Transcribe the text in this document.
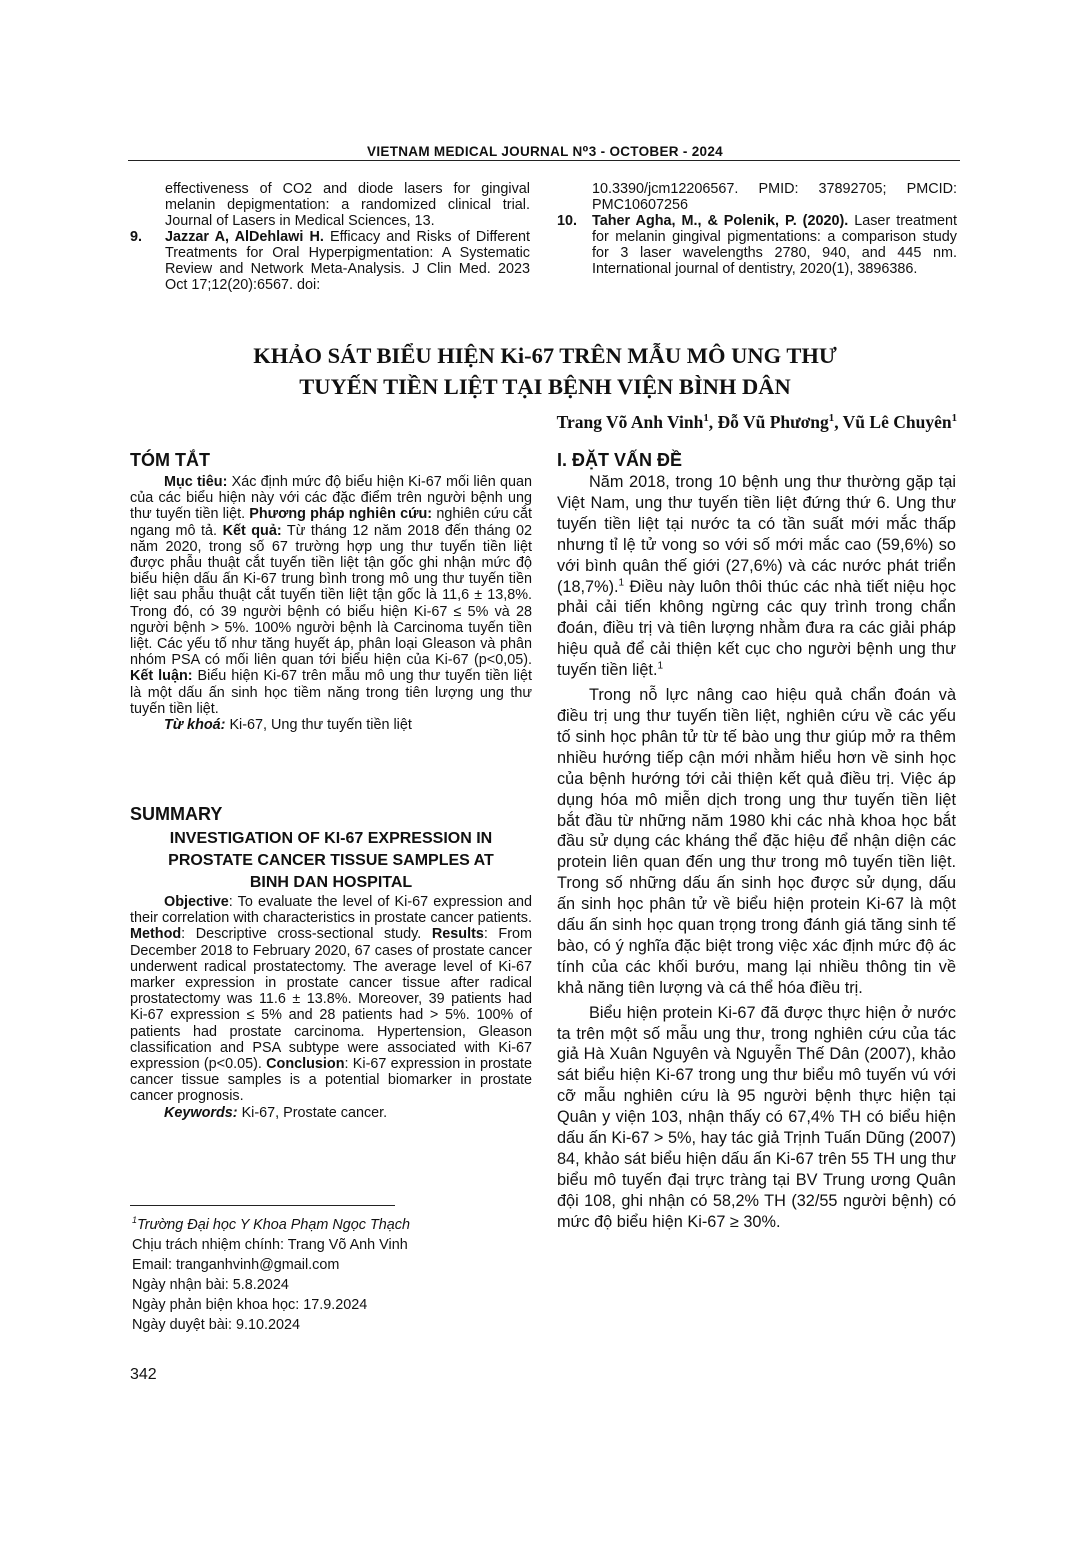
VIETNAM MEDICAL JOURNAL N⁰3 - OCTOBER - 2024
effectiveness of CO2 and diode lasers for gingival melanin depigmentation: a randomized clinical trial. Journal of Lasers in Medical Sciences, 13.
9. Jazzar A, AlDehlawi H. Efficacy and Risks of Different Treatments for Oral Hyperpigmentation: A Systematic Review and Network Meta-Analysis. J Clin Med. 2023 Oct 17;12(20):6567. doi:
10.3390/jcm12206567. PMID: 37892705; PMCID: PMC10607256
10. Taher Agha, M., & Polenik, P. (2020). Laser treatment for melanin gingival pigmentations: a comparison study for 3 laser wavelengths 2780, 940, and 445 nm. International journal of dentistry, 2020(1), 3896386.
KHẢO SÁT BIỂU HIỆN Ki-67 TRÊN MẪU MÔ UNG THƯ
TUYẾN TIỀN LIỆT TẠI BỆNH VIỆN BÌNH DÂN
Trang Võ Anh Vinh$^1$, Đỗ Vũ Phương$^1$, Vũ Lê Chuyên$^1$
TÓM TẮT

Mục tiêu: Xác định mức độ biểu hiện Ki-67 mối liên quan của các biểu hiện này với các đặc điểm trên người bệnh ung thư tuyến tiền liệt. Phương pháp nghiên cứu: nghiên cứu cắt ngang mô tả. Kết quả: Từ tháng 12 năm 2018 đến tháng 02 năm 2020, trong số 67 trường hợp ung thư tuyến tiền liệt được phẫu thuật cắt tuyến tiền liệt tận gốc ghi nhận mức độ biểu hiện dấu ấn Ki-67 trung bình trong mô ung thư tuyến tiền liệt sau phẫu thuật cắt tuyến tiền liệt tận gốc là 11,6 ± 13,8%. Trong đó, có 39 người bệnh có biểu hiện Ki-67 ≤ 5% và 28 người bệnh > 5%. 100% người bệnh là Carcinoma tuyến tiền liệt. Các yếu tố như tăng huyết áp, phân loại Gleason và phân nhóm PSA có mối liên quan tới biểu hiện của Ki-67 (p<0,05). Kết luận: Biểu hiện Ki-67 trên mẫu mô ung thư tuyến tiền liệt là một dấu ấn sinh học tiềm năng trong tiên lượng ung thư tuyến tiền liệt.

Từ khoá: Ki-67, Ung thư tuyến tiền liệt

SUMMARY
INVESTIGATION OF KI-67 EXPRESSION IN
PROSTATE CANCER TISSUE SAMPLES AT
BINH DAN HOSPITAL

Objective: To evaluate the level of Ki-67 expression and their correlation with characteristics in prostate cancer patients. Method: Descriptive cross-sectional study. Results: From December 2018 to February 2020, 67 cases of prostate cancer underwent radical prostatectomy. The average level of Ki-67 marker expression in prostate cancer tissue after radical prostatectomy was 11.6 ± 13.8%. Moreover, 39 patients had Ki-67 expression ≤ 5% and 28 patients had > 5%. 100% of patients had prostate carcinoma. Hypertension, Gleason classification and PSA subtype were associated with Ki-67 expression (p<0.05). Conclusion: Ki-67 expression in prostate cancer tissue samples is a potential biomarker in prostate cancer prognosis.

Keywords: Ki-67, Prostate cancer.

$^1$Trường Đại học Y Khoa Phạm Ngọc Thạch
Chịu trách nhiệm chính: Trang Võ Anh Vinh
Email: tranganhvinh@gmail.com
Ngày nhận bài: 5.8.2024
Ngày phản biện khoa học: 17.9.2024
Ngày duyệt bài: 9.10.2024
342
I. ĐẶT VẤN ĐỀ

Năm 2018, trong 10 bệnh ung thư thường gặp tại Việt Nam, ung thư tuyến tiền liệt đứng thứ 6. Ung thư tuyến tiền liệt tại nước ta có tần suất mới mắc thấp nhưng tỉ lệ tử vong so với số mới mắc cao (59,6%) so với bình quân thế giới (27,6%) và các nước phát triển (18,7%).$^1$ Điều này luôn thôi thúc các nhà tiết niệu học phải cải tiến không ngừng các quy trình trong chẩn đoán, điều trị và tiên lượng nhằm đưa ra các giải pháp hiệu quả để cải thiện kết cục cho người bệnh ung thư tuyến tiền liệt.$^1$

Trong nỗ lực nâng cao hiệu quả chẩn đoán và điều trị ung thư tuyến tiền liệt, nghiên cứu về các yếu tố sinh học phân tử từ tế bào ung thư giúp mở ra thêm nhiều hướng tiếp cận mới nhằm hiểu hơn về sinh học của bệnh hướng tới cải thiện kết quả điều trị. Việc áp dụng hóa mô miễn dịch trong ung thư tuyến tiền liệt bắt đầu từ những năm 1980 khi các nhà khoa học bắt đầu sử dụng các kháng thể đặc hiệu để nhận diện các protein liên quan đến ung thư trong mô tuyến tiền liệt. Trong số những dấu ấn sinh học được sử dụng, dấu ấn sinh học phân tử về biểu hiện protein Ki-67 là một dấu ấn sinh học quan trọng trong đánh giá tăng sinh tế bào, có ý nghĩa đặc biệt trong việc xác định mức độ ác tính của các khối bướu, mang lại nhiều thông tin về khả năng tiên lượng và cá thể hóa điều trị.

Biểu hiện protein Ki-67 đã được thực hiện ở nước ta trên một số mẫu ung thư, trong nghiên cứu của tác giả Hà Xuân Nguyên và Nguyễn Thế Dân (2007), khảo sát biểu hiện Ki-67 trong ung thư biểu mô tuyến vú với cỡ mẫu nghiên cứu là 95 người bệnh thực hiện tại Quân y viện 103, nhận thấy có 67,4% TH có biểu hiện dấu ấn Ki-67 > 5%, hay tác giả Trịnh Tuấn Dũng (2007) 84, khảo sát biểu hiện dấu ấn Ki-67 trên 55 TH ung thư biểu mô tuyến đại trực tràng tại BV Trung ương Quân đội 108, ghi nhận có 58,2% TH (32/55 người bệnh) có mức độ biểu hiện Ki-67 ≥ 30%.
